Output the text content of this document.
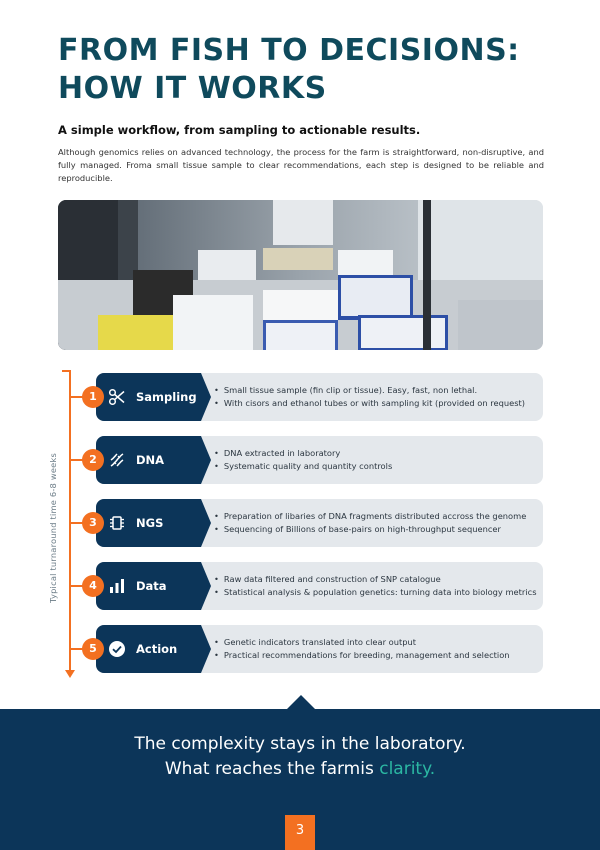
FROM FISH TO DECISIONS:
HOW IT WORKS
A simple workflow, from sampling to actionable results.
Although genomics relies on advanced technology, the process for the farm is straightforward, non-disruptive, and fully managed. Froma small tissue sample to clear recommendations, each step is designed to be reliable and reproducible.
Typical turnaround time 6-8 weeks
1	Sampling	• Small tissue sample (fin clip or tissue). Easy, fast, non lethal.
• With cisors and ethanol tubes or with sampling kit (provided on request)
2	DNA	• DNA extracted in laboratory
• Systematic quality and quantity controls
3	NGS	• Preparation of libaries of DNA fragments distributed accross the genome
• Sequencing of Billions of base-pairs on high-throughput sequencer
4	Data	• Raw data filtered and construction of SNP catalogue
• Statistical analysis & population genetics: turning data into biology metrics
5	Action	• Genetic indicators translated into clear output
• Practical recommendations for breeding, management and selection
The complexity stays in the laboratory.
What reaches the farmis clarity.
3
